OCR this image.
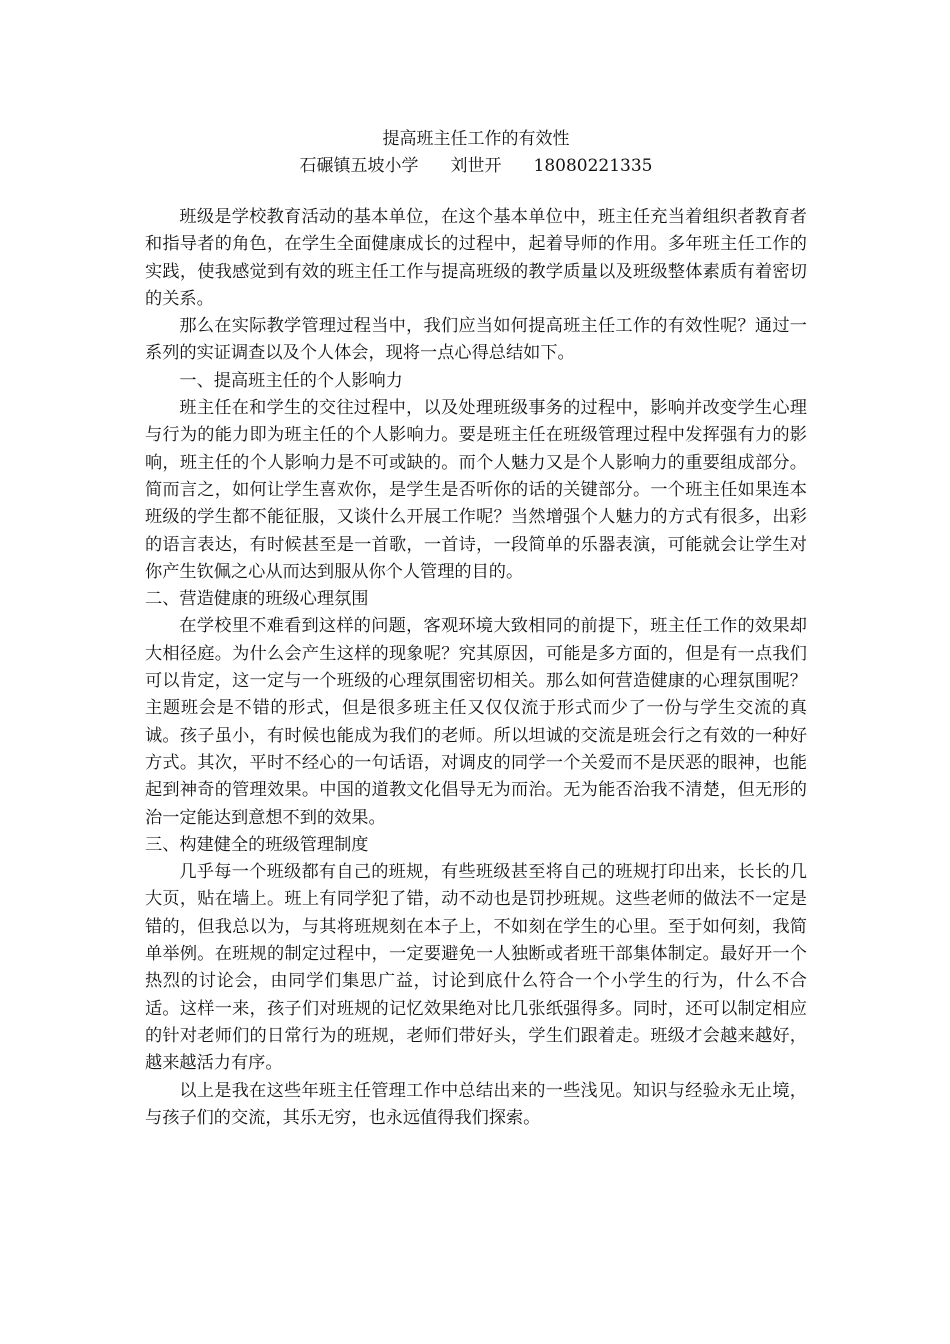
提高班主任工作的有效性

石碾镇五坡小学 刘世开 18080221335

班级是学校教育活动的基本单位，在这个基本单位中，班主任充当着组织者教育者和指导者的角色，在学生全面健康成长的过程中，起着导师的作用。多年班主任工作的实践，使我感觉到有效的班主任工作与提高班级的教学质量以及班级整体素质有着密切的关系。

那么在实际教学管理过程当中，我们应当如何提高班主任工作的有效性呢？通过一系列的实证调查以及个人体会，现将一点心得总结如下。

一、提高班主任的个人影响力

班主任在和学生的交往过程中，以及处理班级事务的过程中，影响并改变学生心理与行为的能力即为班主任的个人影响力。要是班主任在班级管理过程中发挥强有力的影响，班主任的个人影响力是不可或缺的。而个人魅力又是个人影响力的重要组成部分。简而言之，如何让学生喜欢你，是学生是否听你的话的关键部分。一个班主任如果连本班级的学生都不能征服，又谈什么开展工作呢？当然增强个人魅力的方式有很多，出彩的语言表达，有时候甚至是一首歌，一首诗，一段简单的乐器表演，可能就会让学生对你产生钦佩之心从而达到服从你个人管理的目的。

二、营造健康的班级心理氛围

在学校里不难看到这样的问题，客观环境大致相同的前提下，班主任工作的效果却大相径庭。为什么会产生这样的现象呢？究其原因，可能是多方面的，但是有一点我们可以肯定，这一定与一个班级的心理氛围密切相关。那么如何营造健康的心理氛围呢？主题班会是不错的形式，但是很多班主任又仅仅流于形式而少了一份与学生交流的真诚。孩子虽小，有时候也能成为我们的老师。所以坦诚的交流是班会行之有效的一种好方式。其次，平时不经心的一句话语，对调皮的同学一个关爱而不是厌恶的眼神，也能起到神奇的管理效果。中国的道教文化倡导无为而治。无为能否治我不清楚，但无形的治一定能达到意想不到的效果。

三、构建健全的班级管理制度

几乎每一个班级都有自己的班规，有些班级甚至将自己的班规打印出来，长长的几大页，贴在墙上。班上有同学犯了错，动不动也是罚抄班规。这些老师的做法不一定是错的，但我总以为，与其将班规刻在本子上，不如刻在学生的心里。至于如何刻，我简单举例。在班规的制定过程中，一定要避免一人独断或者班干部集体制定。最好开一个热烈的讨论会，由同学们集思广益，讨论到底什么符合一个小学生的行为，什么不合适。这样一来，孩子们对班规的记忆效果绝对比几张纸强得多。同时，还可以制定相应的针对老师们的日常行为的班规，老师们带好头，学生们跟着走。班级才会越来越好，越来越活力有序。

以上是我在这些年班主任管理工作中总结出来的一些浅见。知识与经验永无止境，与孩子们的交流，其乐无穷，也永远值得我们探索。
